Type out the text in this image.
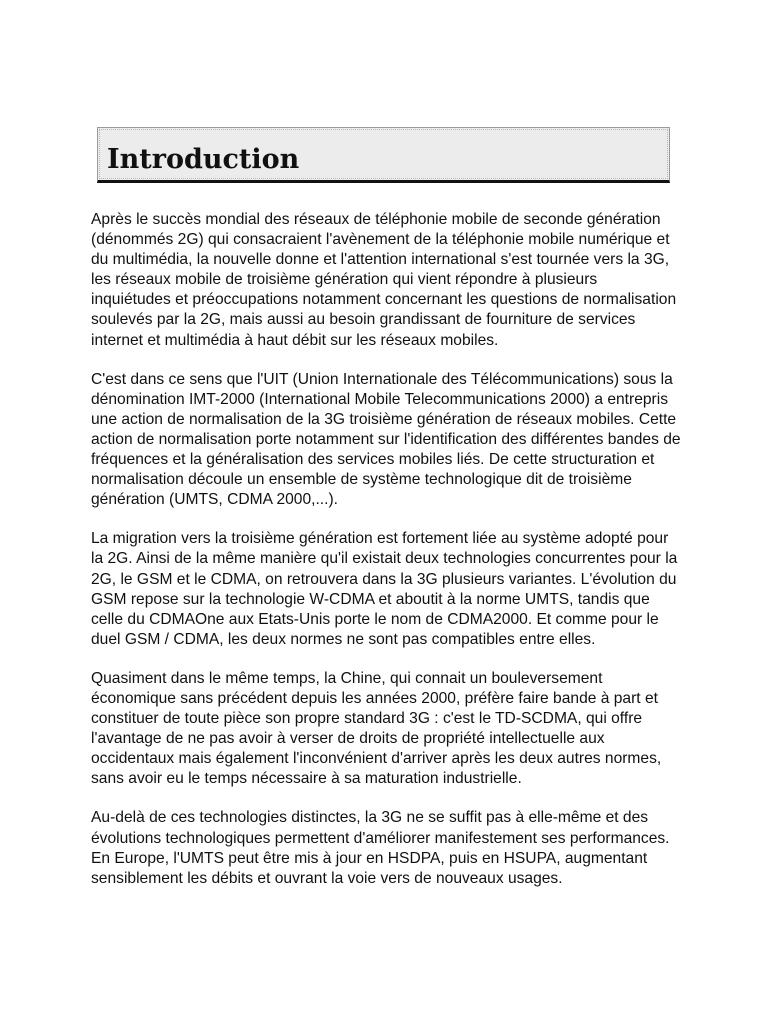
Introduction

Après le succès mondial des réseaux de téléphonie mobile de seconde génération (dénommés 2G) qui consacraient l'avènement de la téléphonie mobile numérique et du multimédia, la nouvelle donne et l'attention international s'est tournée vers la 3G, les réseaux mobile de troisième génération qui vient répondre à plusieurs inquiétudes et préoccupations notamment concernant les questions de normalisation soulevés par la 2G, mais aussi au besoin grandissant de fourniture de services internet et multimédia à haut débit sur les réseaux mobiles.

C'est dans ce sens que l'UIT (Union Internationale des Télécommunications) sous la dénomination IMT-2000 (International Mobile Telecommunications 2000) a entrepris une action de normalisation de la 3G troisième génération de réseaux mobiles. Cette action de normalisation porte notamment sur l'identification des différentes bandes de fréquences et la généralisation des services mobiles liés. De cette structuration et normalisation découle un ensemble de système technologique dit de troisième génération (UMTS, CDMA 2000,...).

La migration vers la troisième génération est fortement liée au système adopté pour la 2G. Ainsi de la même manière qu'il existait deux technologies concurrentes pour la 2G, le GSM et le CDMA, on retrouvera dans la 3G plusieurs variantes. L'évolution du GSM repose sur la technologie W-CDMA et aboutit à la norme UMTS, tandis que celle du CDMAOne aux Etats-Unis porte le nom de CDMA2000. Et comme pour le duel GSM / CDMA, les deux normes ne sont pas compatibles entre elles.

Quasiment dans le même temps, la Chine, qui connait un bouleversement économique sans précédent depuis les années 2000, préfère faire bande à part et constituer de toute pièce son propre standard 3G : c'est le TD-SCDMA, qui offre l'avantage de ne pas avoir à verser de droits de propriété intellectuelle aux occidentaux mais également l'inconvénient d'arriver après les deux autres normes, sans avoir eu le temps nécessaire à sa maturation industrielle.

Au-delà de ces technologies distinctes, la 3G ne se suffit pas à elle-même et des évolutions technologiques permettent d'améliorer manifestement ses performances. En Europe, l'UMTS peut être mis à jour en HSDPA, puis en HSUPA, augmentant sensiblement les débits et ouvrant la voie vers de nouveaux usages.
